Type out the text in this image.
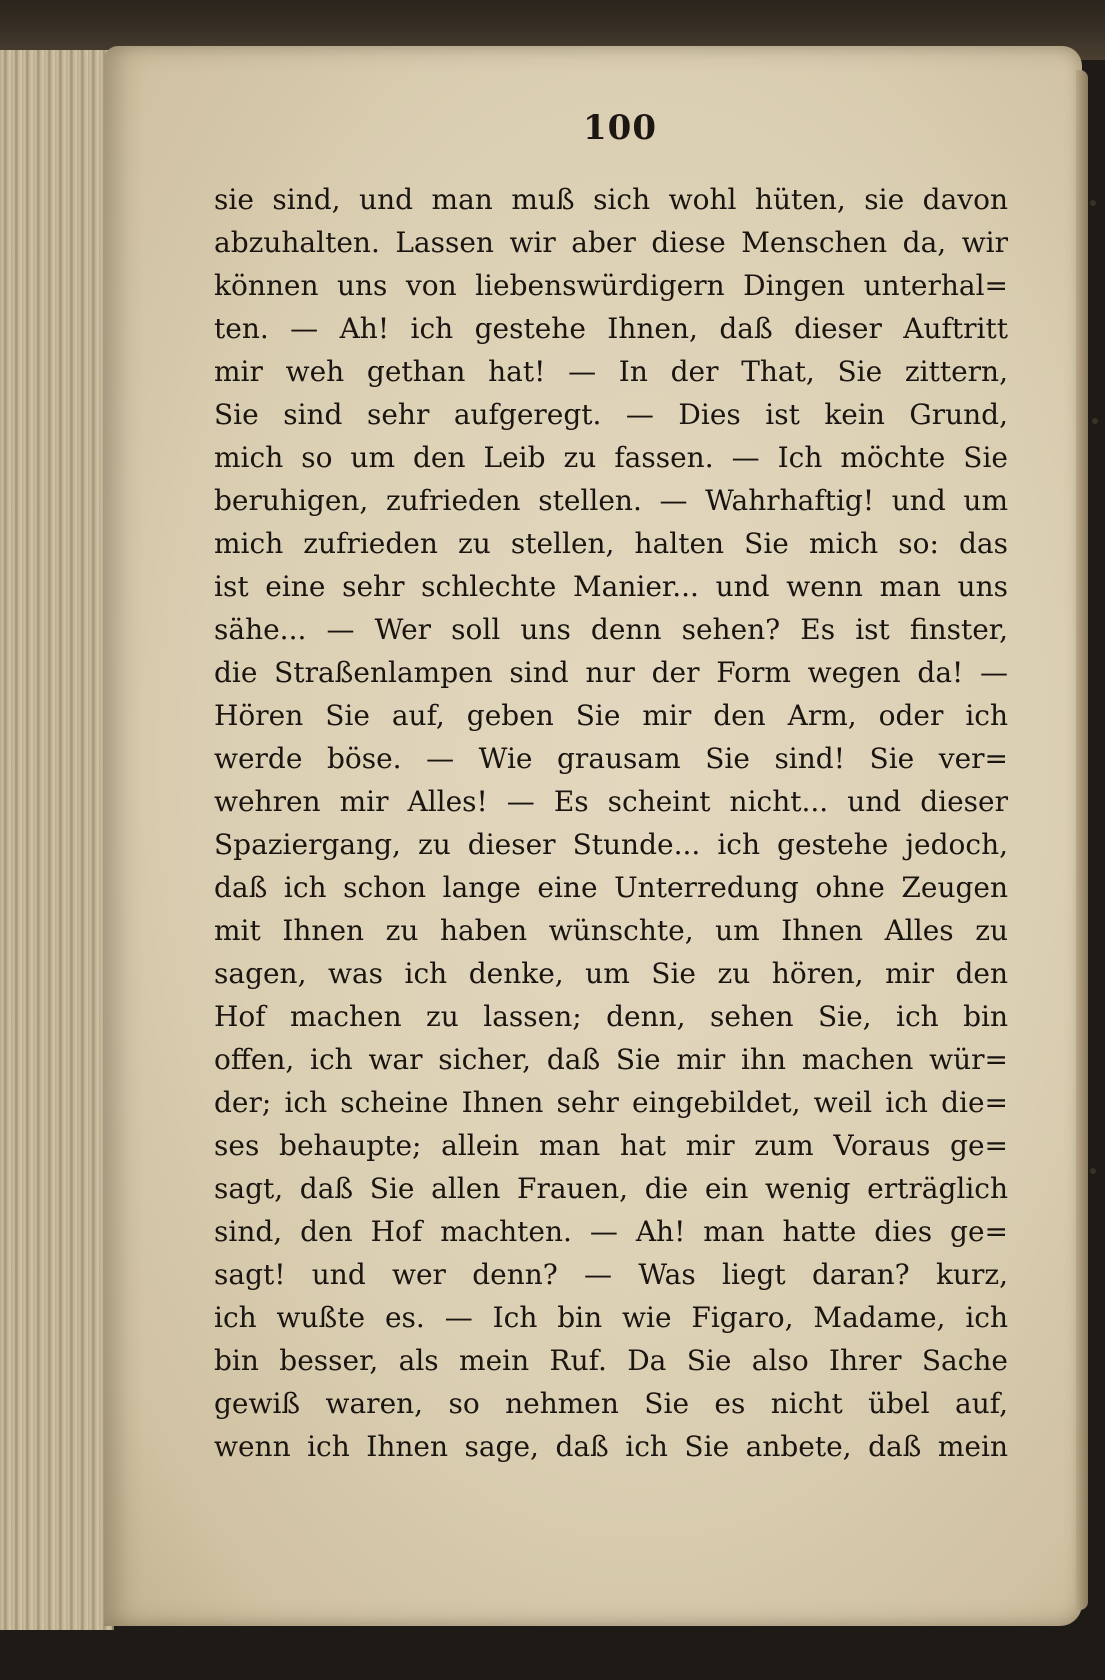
100
sie sind, und man muß sich wohl hüten, sie davon
abzuhalten. Lassen wir aber diese Menschen da, wir
können uns von liebenswürdigern Dingen unterhal=
ten. — Ah! ich gestehe Ihnen, daß dieser Auftritt
mir weh gethan hat! — In der That, Sie zittern,
Sie sind sehr aufgeregt. — Dies ist kein Grund,
mich so um den Leib zu fassen. — Ich möchte Sie
beruhigen, zufrieden stellen. — Wahrhaftig! und um
mich zufrieden zu stellen, halten Sie mich so: das
ist eine sehr schlechte Manier... und wenn man uns
sähe... — Wer soll uns denn sehen? Es ist finster,
die Straßenlampen sind nur der Form wegen da! —
Hören Sie auf, geben Sie mir den Arm, oder ich
werde böse. — Wie grausam Sie sind! Sie ver=
wehren mir Alles! — Es scheint nicht... und dieser
Spaziergang, zu dieser Stunde... ich gestehe jedoch,
daß ich schon lange eine Unterredung ohne Zeugen
mit Ihnen zu haben wünschte, um Ihnen Alles zu
sagen, was ich denke, um Sie zu hören, mir den
Hof machen zu lassen; denn, sehen Sie, ich bin
offen, ich war sicher, daß Sie mir ihn machen wür=
der; ich scheine Ihnen sehr eingebildet, weil ich die=
ses behaupte; allein man hat mir zum Voraus ge=
sagt, daß Sie allen Frauen, die ein wenig erträglich
sind, den Hof machten. — Ah! man hatte dies ge=
sagt! und wer denn? — Was liegt daran? kurz,
ich wußte es. — Ich bin wie Figaro, Madame, ich
bin besser, als mein Ruf. Da Sie also Ihrer Sache
gewiß waren, so nehmen Sie es nicht übel auf,
wenn ich Ihnen sage, daß ich Sie anbete, daß mein
